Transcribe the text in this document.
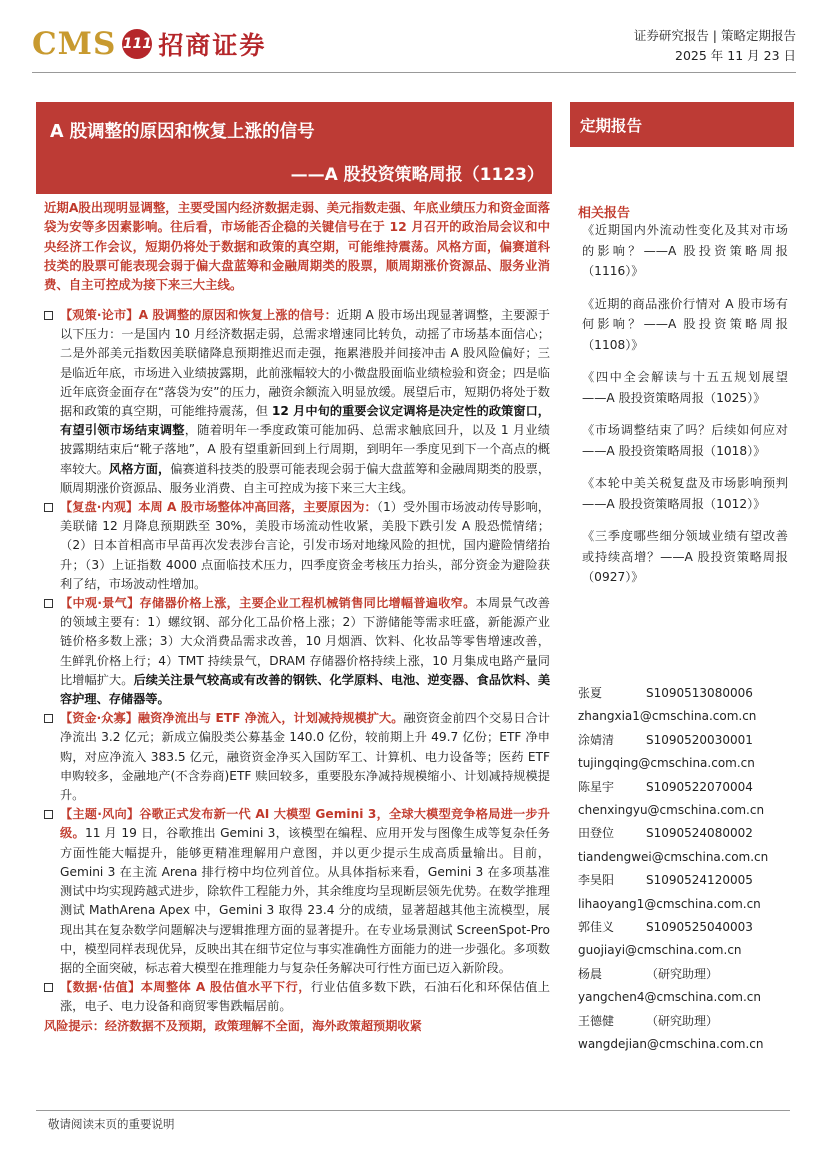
CMS 111 招商证券	证券研究报告 | 策略定期报告
2025 年 11 月 23 日
A 股调整的原因和恢复上涨的信号
——A 股投资策略周报（1123）
定期报告
近期A股出现明显调整，主要受国内经济数据走弱、美元指数走强、年底业绩压力和资金面落袋为安等多因素影响。往后看，市场能否企稳的关键信号在于 12 月召开的政治局会议和中央经济工作会议，短期仍将处于数据和政策的真空期，可能维持震荡。风格方面，偏赛道科技类的股票可能表现会弱于偏大盘蓝筹和金融周期类的股票，顺周期涨价资源品、服务业消费、自主可控成为接下来三大主线。
【观策·论市】A 股调整的原因和恢复上涨的信号：近期 A 股市场出现显著调整，主要源于以下压力：一是国内 10 月经济数据走弱，总需求增速同比转负，动摇了市场基本面信心；二是外部美元指数因美联储降息预期推迟而走强，拖累港股并间接冲击 A 股风险偏好；三是临近年底，市场进入业绩披露期，此前涨幅较大的小微盘股面临业绩检验和资金；四是临近年底资金面存在“落袋为安”的压力，融资余额流入明显放缓。展望后市，短期仍将处于数据和政策的真空期，可能维持震荡，但 12 月中旬的重要会议定调将是决定性的政策窗口，有望引领市场结束调整，随着明年一季度政策可能加码、总需求触底回升，以及 1 月业绩披露期结束后“靴子落地”，A 股有望重新回到上行周期，到明年一季度见到下一个高点的概率较大。风格方面，偏赛道科技类的股票可能表现会弱于偏大盘蓝筹和金融周期类的股票，顺周期涨价资源品、服务业消费、自主可控成为接下来三大主线。
【复盘·内观】本周 A 股市场整体冲高回落，主要原因为：（1）受外围市场波动传导影响，美联储 12 月降息预期跌至 30%，美股市场流动性收紧，美股下跌引发 A 股恐慌情绪；（2）日本首相高市早苗再次发表涉台言论，引发市场对地缘风险的担忧，国内避险情绪抬升；（3）上证指数 4000 点面临技术压力，四季度资金考核压力抬头，部分资金为避险获利了结，市场波动性增加。
【中观·景气】存储器价格上涨，主要企业工程机械销售同比增幅普遍收窄。本周景气改善的领域主要有：1）螺纹钢、部分化工品价格上涨；2）下游储能等需求旺盛，新能源产业链价格多数上涨；3）大众消费品需求改善，10 月烟酒、饮料、化妆品等零售增速改善，生鲜乳价格上行；4）TMT 持续景气，DRAM 存储器价格持续上涨，10 月集成电路产量同比增幅扩大。后续关注景气较高或有改善的钢铁、化学原料、电池、逆变器、食品饮料、美容护理、存储器等。
【资金·众寡】融资净流出与 ETF 净流入，计划减持规模扩大。融资资金前四个交易日合计净流出 3.2 亿元；新成立偏股类公募基金 140.0 亿份，较前期上升 49.7 亿份；ETF 净申购，对应净流入 383.5 亿元，融资资金净买入国防军工、计算机、电力设备等；医药 ETF 申购较多，金融地产(不含券商)ETF 赎回较多，重要股东净减持规模缩小、计划减持规模提升。
【主题·风向】谷歌正式发布新一代 AI 大模型 Gemini 3，全球大模型竞争格局进一步升级。11 月 19 日，谷歌推出 Gemini 3，该模型在编程、应用开发与图像生成等复杂任务方面性能大幅提升，能够更精准理解用户意图，并以更少提示生成高质量输出。目前，Gemini 3 在主流 Arena 排行榜中均位列首位。从具体指标来看，Gemini 3 在多项基准测试中均实现跨越式进步，除软件工程能力外，其余维度均呈现断层领先优势。在数学推理测试 MathArena Apex 中，Gemini 3 取得 23.4 分的成绩，显著超越其他主流模型，展现出其在复杂数学问题解决与逻辑推理方面的显著提升。在专业场景测试 ScreenSpot-Pro 中，模型同样表现优异，反映出其在细节定位与事实准确性方面能力的进一步强化。多项数据的全面突破，标志着大模型在推理能力与复杂任务解决可行性方面已迈入新阶段。
【数据·估值】本周整体 A 股估值水平下行，行业估值多数下跌，石油石化和环保估值上涨，电子、电力设备和商贸零售跌幅居前。
风险提示：经济数据不及预期，政策理解不全面，海外政策超预期收紧
相关报告
《近期国内外流动性变化及其对市场的影响？——A 股投资策略周报（1116）》
《近期的商品涨价行情对 A 股市场有何影响？——A 股投资策略周报（1108）》
《四中全会解读与十五五规划展望——A 股投资策略周报（1025）》
《市场调整结束了吗？后续如何应对——A 股投资策略周报（1018）》
《本轮中美关税复盘及市场影响预判——A 股投资策略周报（1012）》
《三季度哪些细分领域业绩有望改善或持续高增？——A 股投资策略周报（0927）》
张夏	S1090513080006
zhangxia1@cmschina.com.cn
涂婧清	S1090520030001
tujingqing@cmschina.com.cn
陈星宇	S1090522070004
chenxingyu@cmschina.com.cn
田登位	S1090524080002
tiandengwei@cmschina.com.cn
李昊阳	S1090524120005
lihaoyang1@cmschina.com.cn
郭佳义	S1090525040003
guojiayi@cmschina.com.cn
杨晨	（研究助理）
yangchen4@cmschina.com.cn
王德健	（研究助理）
wangdejian@cmschina.com.cn
敬请阅读末页的重要说明
